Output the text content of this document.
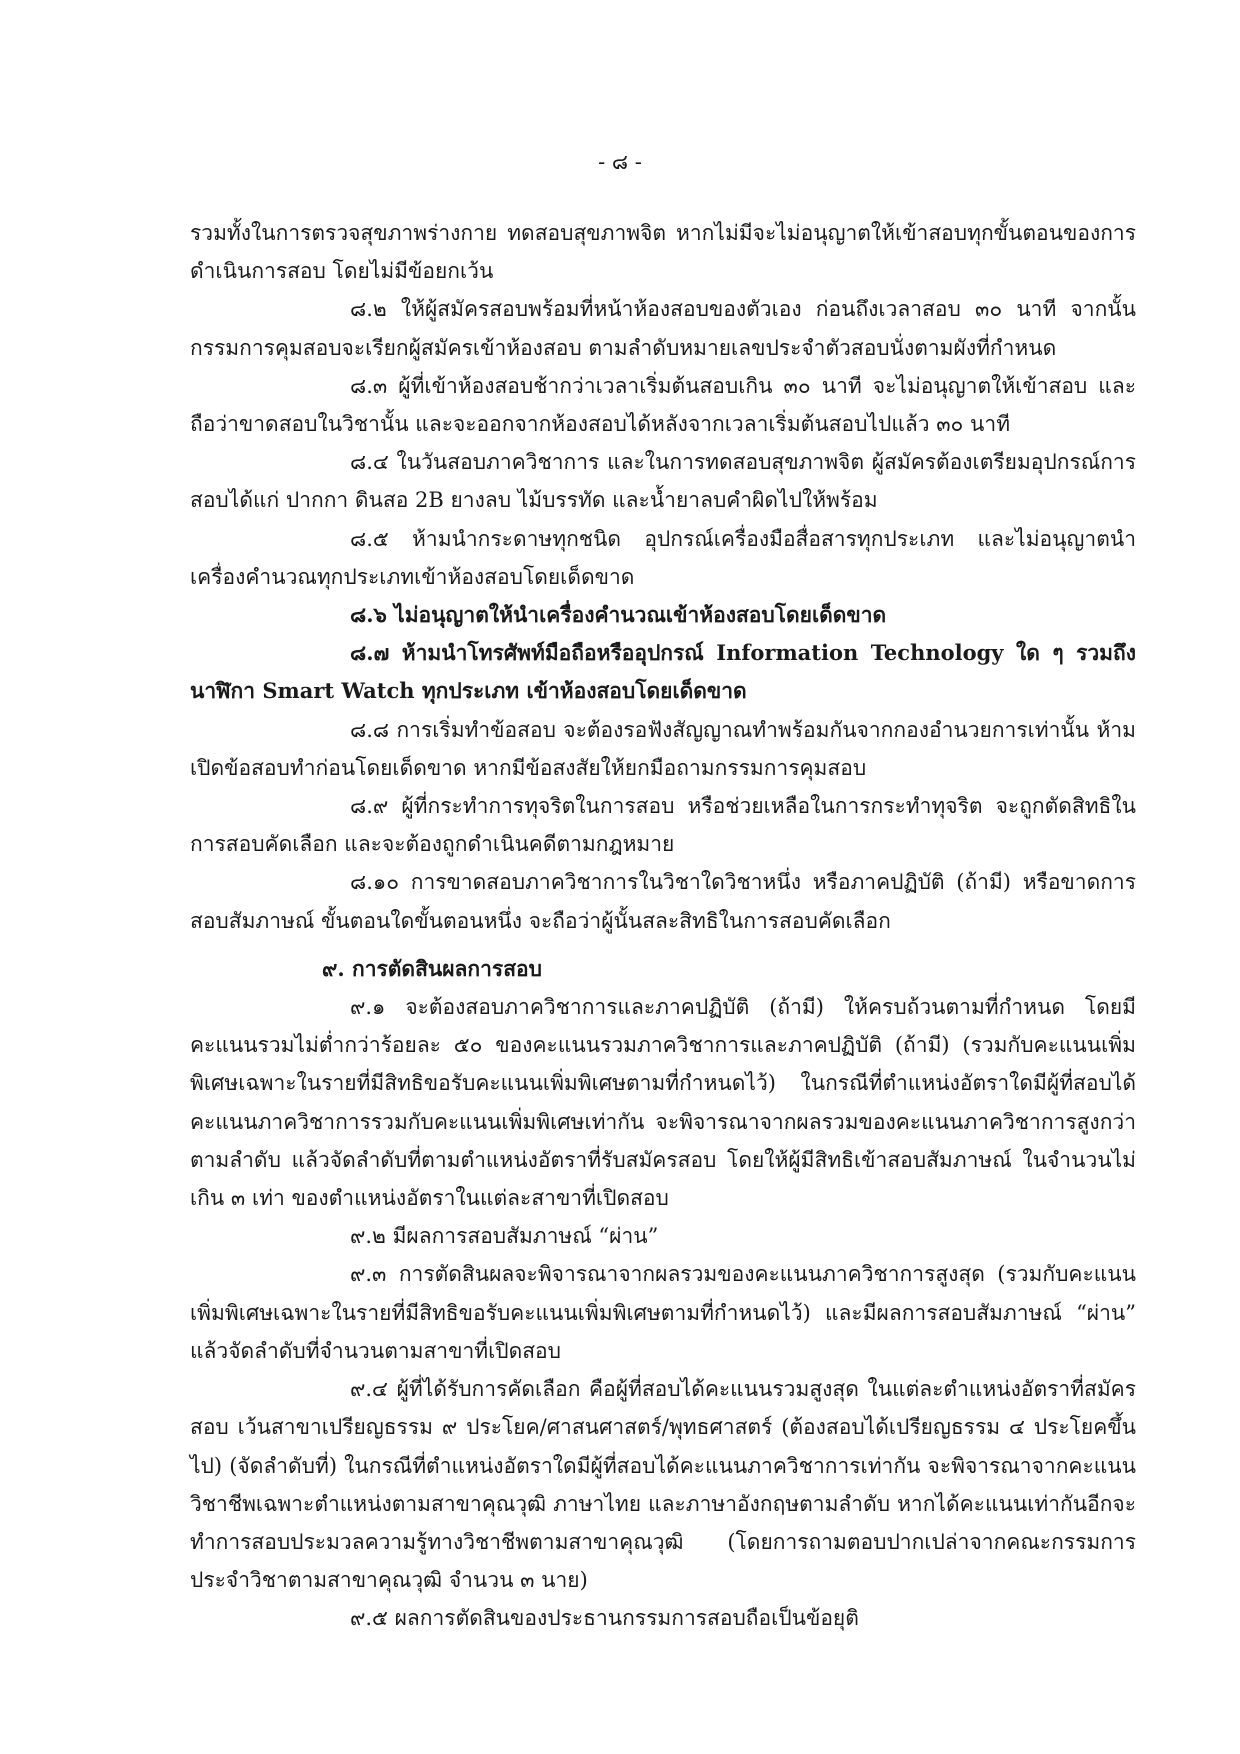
- ๘ -

รวมทั้งในการตรวจสุขภาพร่างกาย ทดสอบสุขภาพจิต หากไม่มีจะไม่อนุญาตให้เข้าสอบทุกขั้นตอนของการดำเนินการสอบ โดยไม่มีข้อยกเว้น

๘.๒ ให้ผู้สมัครสอบพร้อมที่หน้าห้องสอบของตัวเอง ก่อนถึงเวลาสอบ ๓๐ นาที จากนั้นกรรมการคุมสอบจะเรียกผู้สมัครเข้าห้องสอบ ตามลำดับหมายเลขประจำตัวสอบนั่งตามผังที่กำหนด

๘.๓ ผู้ที่เข้าห้องสอบช้ากว่าเวลาเริ่มต้นสอบเกิน ๓๐ นาที จะไม่อนุญาตให้เข้าสอบ และถือว่าขาดสอบในวิชานั้น และจะออกจากห้องสอบได้หลังจากเวลาเริ่มต้นสอบไปแล้ว ๓๐ นาที

๘.๔ ในวันสอบภาควิชาการ และในการทดสอบสุขภาพจิต ผู้สมัครต้องเตรียมอุปกรณ์การสอบได้แก่ ปากกา ดินสอ 2B ยางลบ ไม้บรรทัด และน้ำยาลบคำผิดไปให้พร้อม

๘.๕ ห้ามนำกระดาษทุกชนิด อุปกรณ์เครื่องมือสื่อสารทุกประเภท และไม่อนุญาตนำเครื่องคำนวณทุกประเภทเข้าห้องสอบโดยเด็ดขาด

๘.๖ ไม่อนุญาตให้นำเครื่องคำนวณเข้าห้องสอบโดยเด็ดขาด

๘.๗ ห้ามนำโทรศัพท์มือถือหรืออุปกรณ์ Information Technology ใด ๆ รวมถึงนาฬิกา Smart Watch ทุกประเภท เข้าห้องสอบโดยเด็ดขาด

๘.๘ การเริ่มทำข้อสอบ จะต้องรอฟังสัญญาณทำพร้อมกันจากกองอำนวยการเท่านั้น ห้ามเปิดข้อสอบทำก่อนโดยเด็ดขาด หากมีข้อสงสัยให้ยกมือถามกรรมการคุมสอบ

๘.๙ ผู้ที่กระทำการทุจริตในการสอบ หรือช่วยเหลือในการกระทำทุจริต จะถูกตัดสิทธิในการสอบคัดเลือก และจะต้องถูกดำเนินคดีตามกฎหมาย

๘.๑๐ การขาดสอบภาควิชาการในวิชาใดวิชาหนึ่ง หรือภาคปฏิบัติ (ถ้ามี) หรือขาดการสอบสัมภาษณ์ ขั้นตอนใดขั้นตอนหนึ่ง จะถือว่าผู้นั้นสละสิทธิในการสอบคัดเลือก

๙. การตัดสินผลการสอบ

๙.๑ จะต้องสอบภาควิชาการและภาคปฏิบัติ (ถ้ามี) ให้ครบถ้วนตามที่กำหนด โดยมีคะแนนรวมไม่ต่ำกว่าร้อยละ ๕๐ ของคะแนนรวมภาควิชาการและภาคปฏิบัติ (ถ้ามี) (รวมกับคะแนนเพิ่มพิเศษเฉพาะในรายที่มีสิทธิขอรับคะแนนเพิ่มพิเศษตามที่กำหนดไว้) ในกรณีที่ตำแหน่งอัตราใดมีผู้ที่สอบได้คะแนนภาควิชาการรวมกับคะแนนเพิ่มพิเศษเท่ากัน จะพิจารณาจากผลรวมของคะแนนภาควิชาการสูงกว่าตามลำดับ แล้วจัดลำดับที่ตามตำแหน่งอัตราที่รับสมัครสอบ โดยให้ผู้มีสิทธิเข้าสอบสัมภาษณ์ ในจำนวนไม่เกิน ๓ เท่า ของตำแหน่งอัตราในแต่ละสาขาที่เปิดสอบ

๙.๒ มีผลการสอบสัมภาษณ์ “ผ่าน”

๙.๓ การตัดสินผลจะพิจารณาจากผลรวมของคะแนนภาควิชาการสูงสุด (รวมกับคะแนนเพิ่มพิเศษเฉพาะในรายที่มีสิทธิขอรับคะแนนเพิ่มพิเศษตามที่กำหนดไว้) และมีผลการสอบสัมภาษณ์ “ผ่าน” แล้วจัดลำดับที่จำนวนตามสาขาที่เปิดสอบ

๙.๔ ผู้ที่ได้รับการคัดเลือก คือผู้ที่สอบได้คะแนนรวมสูงสุด ในแต่ละตำแหน่งอัตราที่สมัครสอบ เว้นสาขาเปรียญธรรม ๙ ประโยค/ศาสนศาสตร์/พุทธศาสตร์ (ต้องสอบได้เปรียญธรรม ๔ ประโยคขึ้นไป) (จัดลำดับที่) ในกรณีที่ตำแหน่งอัตราใดมีผู้ที่สอบได้คะแนนภาควิชาการเท่ากัน จะพิจารณาจากคะแนนวิชาชีพเฉพาะตำแหน่งตามสาขาคุณวุฒิ ภาษาไทย และภาษาอังกฤษตามลำดับ หากได้คะแนนเท่ากันอีกจะทำการสอบประมวลความรู้ทางวิชาชีพตามสาขาคุณวุฒิ (โดยการถามตอบปากเปล่าจากคณะกรรมการประจำวิชาตามสาขาคุณวุฒิ จำนวน ๓ นาย)

๙.๕ ผลการตัดสินของประธานกรรมการสอบถือเป็นข้อยุติ
